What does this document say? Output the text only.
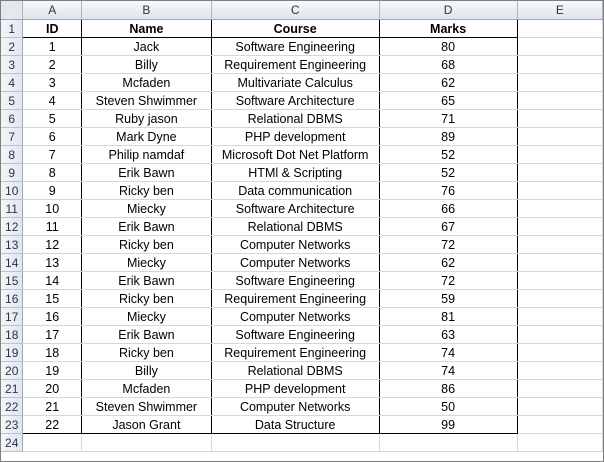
	A	B	C	D	E
1	ID	Name	Course	Marks	
2	1	Jack	Software Engineering	80	
3	2	Billy	Requirement Engineering	68	
4	3	Mcfaden	Multivariate Calculus	62	
5	4	Steven Shwimmer	Software Architecture	65	
6	5	Ruby jason	Relational DBMS	71	
7	6	Mark Dyne	PHP development	89	
8	7	Philip namdaf	Microsoft Dot Net Platform	52	
9	8	Erik Bawn	HTMl & Scripting	52	
10	9	Ricky ben	Data communication	76	
11	10	Miecky	Software Architecture	66	
12	11	Erik Bawn	Relational DBMS	67	
13	12	Ricky ben	Computer Networks	72	
14	13	Miecky	Computer Networks	62	
15	14	Erik Bawn	Software Engineering	72	
16	15	Ricky ben	Requirement Engineering	59	
17	16	Miecky	Computer Networks	81	
18	17	Erik Bawn	Software Engineering	63	
19	18	Ricky ben	Requirement Engineering	74	
20	19	Billy	Relational DBMS	74	
21	20	Mcfaden	PHP development	86	
22	21	Steven Shwimmer	Computer Networks	50	
23	22	Jason Grant	Data Structure	99	
24					
